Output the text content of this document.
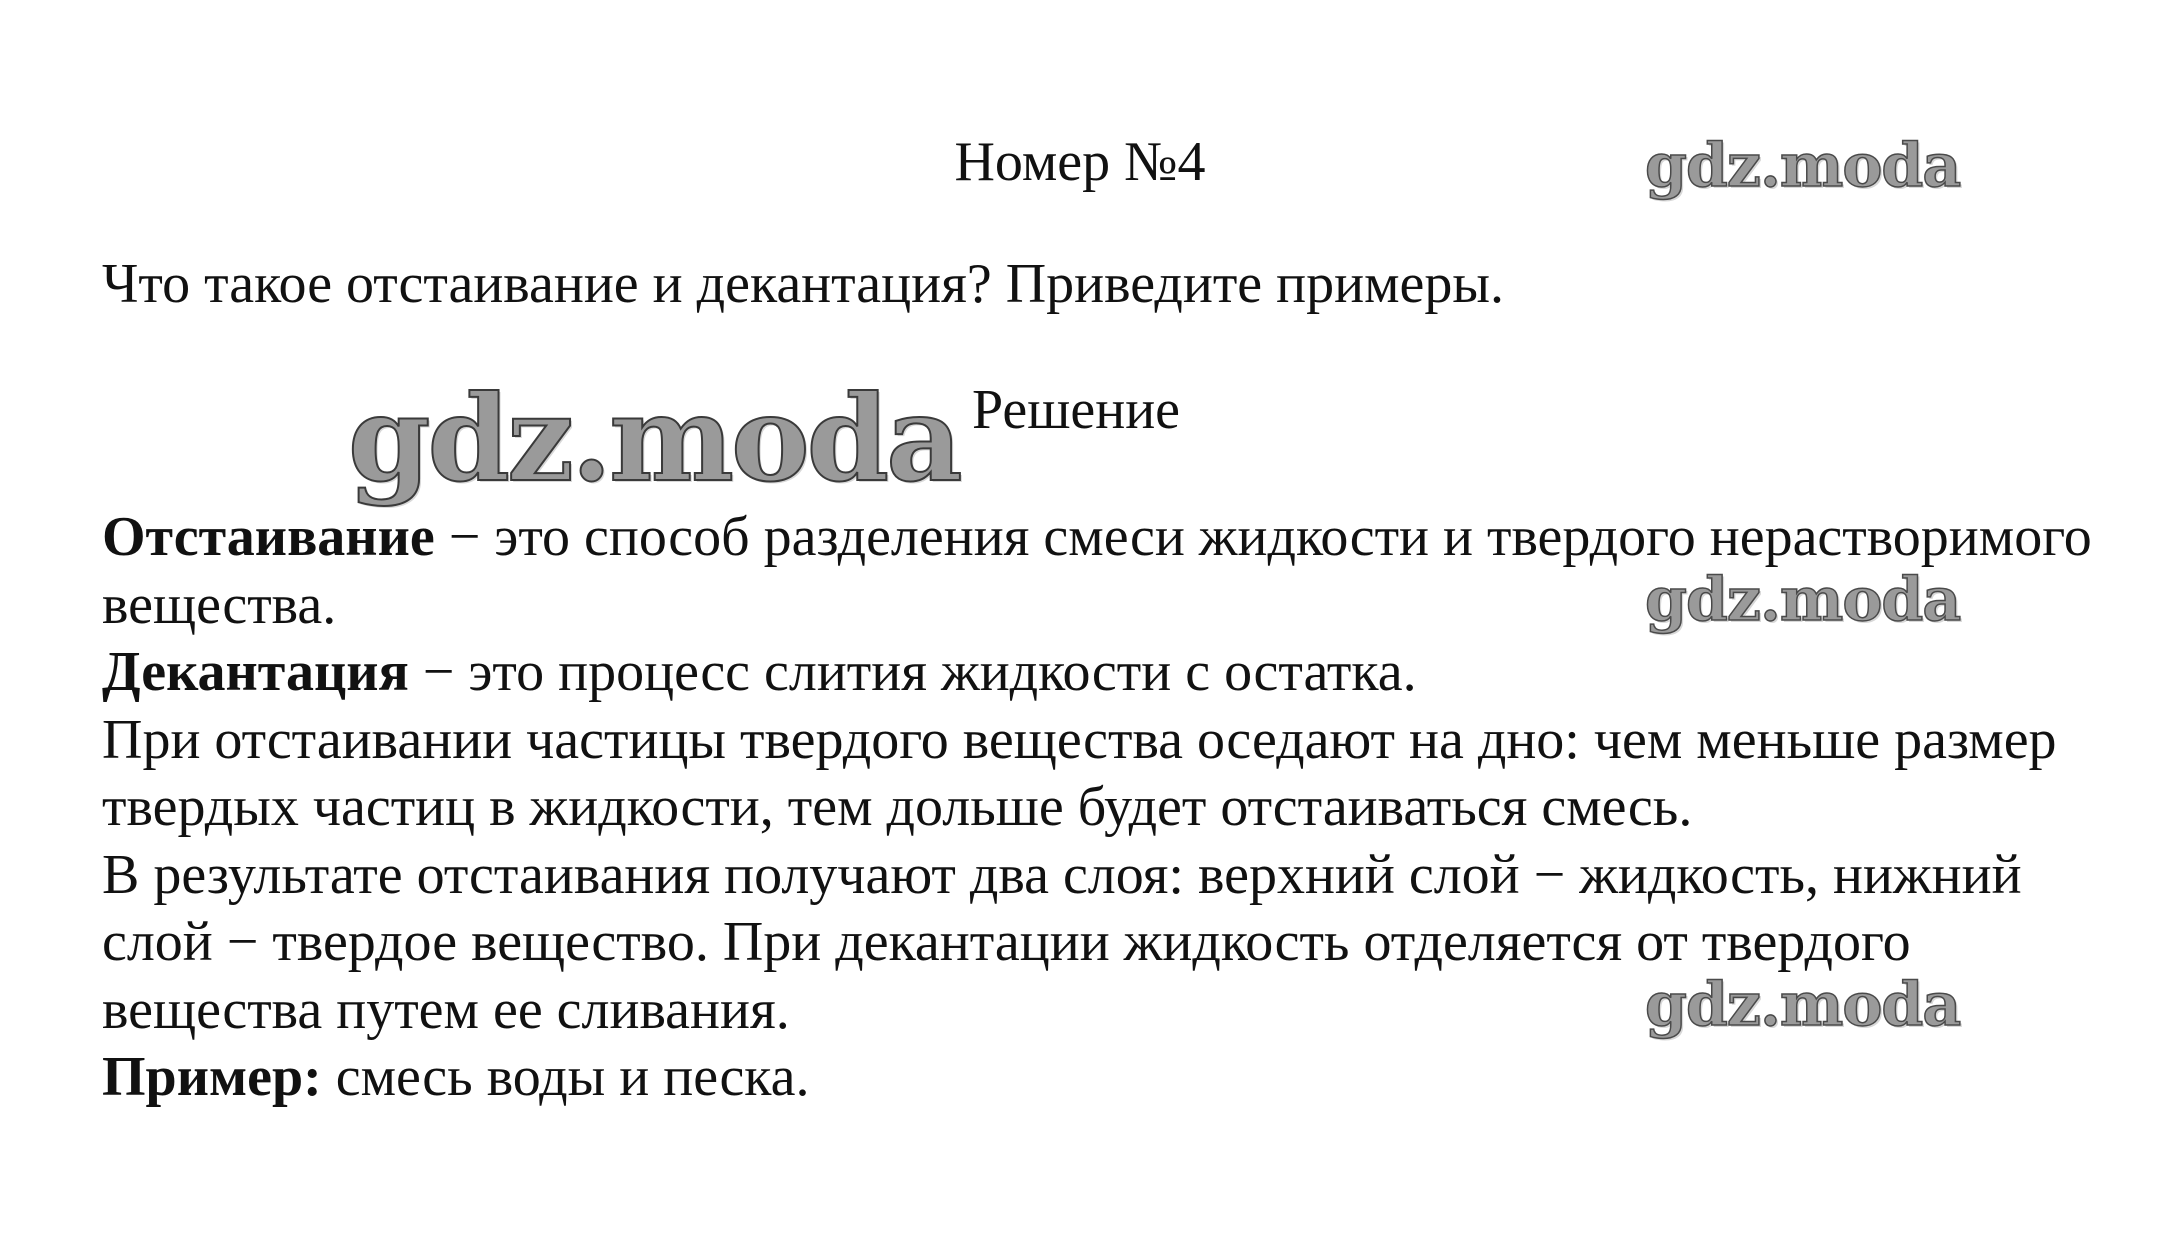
Номер №4	gdz.moda

Что такое отстаивание и декантация? Приведите примеры.

gdz.moda Решение

Отстаивание − это способ разделения смеси жидкости и твердого нерастворимого вещества.

Декантация − это процесс слития жидкости с остатка.

При отстаивании частицы твердого вещества оседают на дно: чем меньше размер твердых частиц в жидкости, тем дольше будет отстаиваться смесь.

В результате отстаивания получают два слоя: верхний слой − жидкость, нижний слой − твердое вещество. При декантации жидкость отделяется от твердого вещества путем ее сливания.

Пример: смесь воды и песка.

gdz.moda
gdz.moda
